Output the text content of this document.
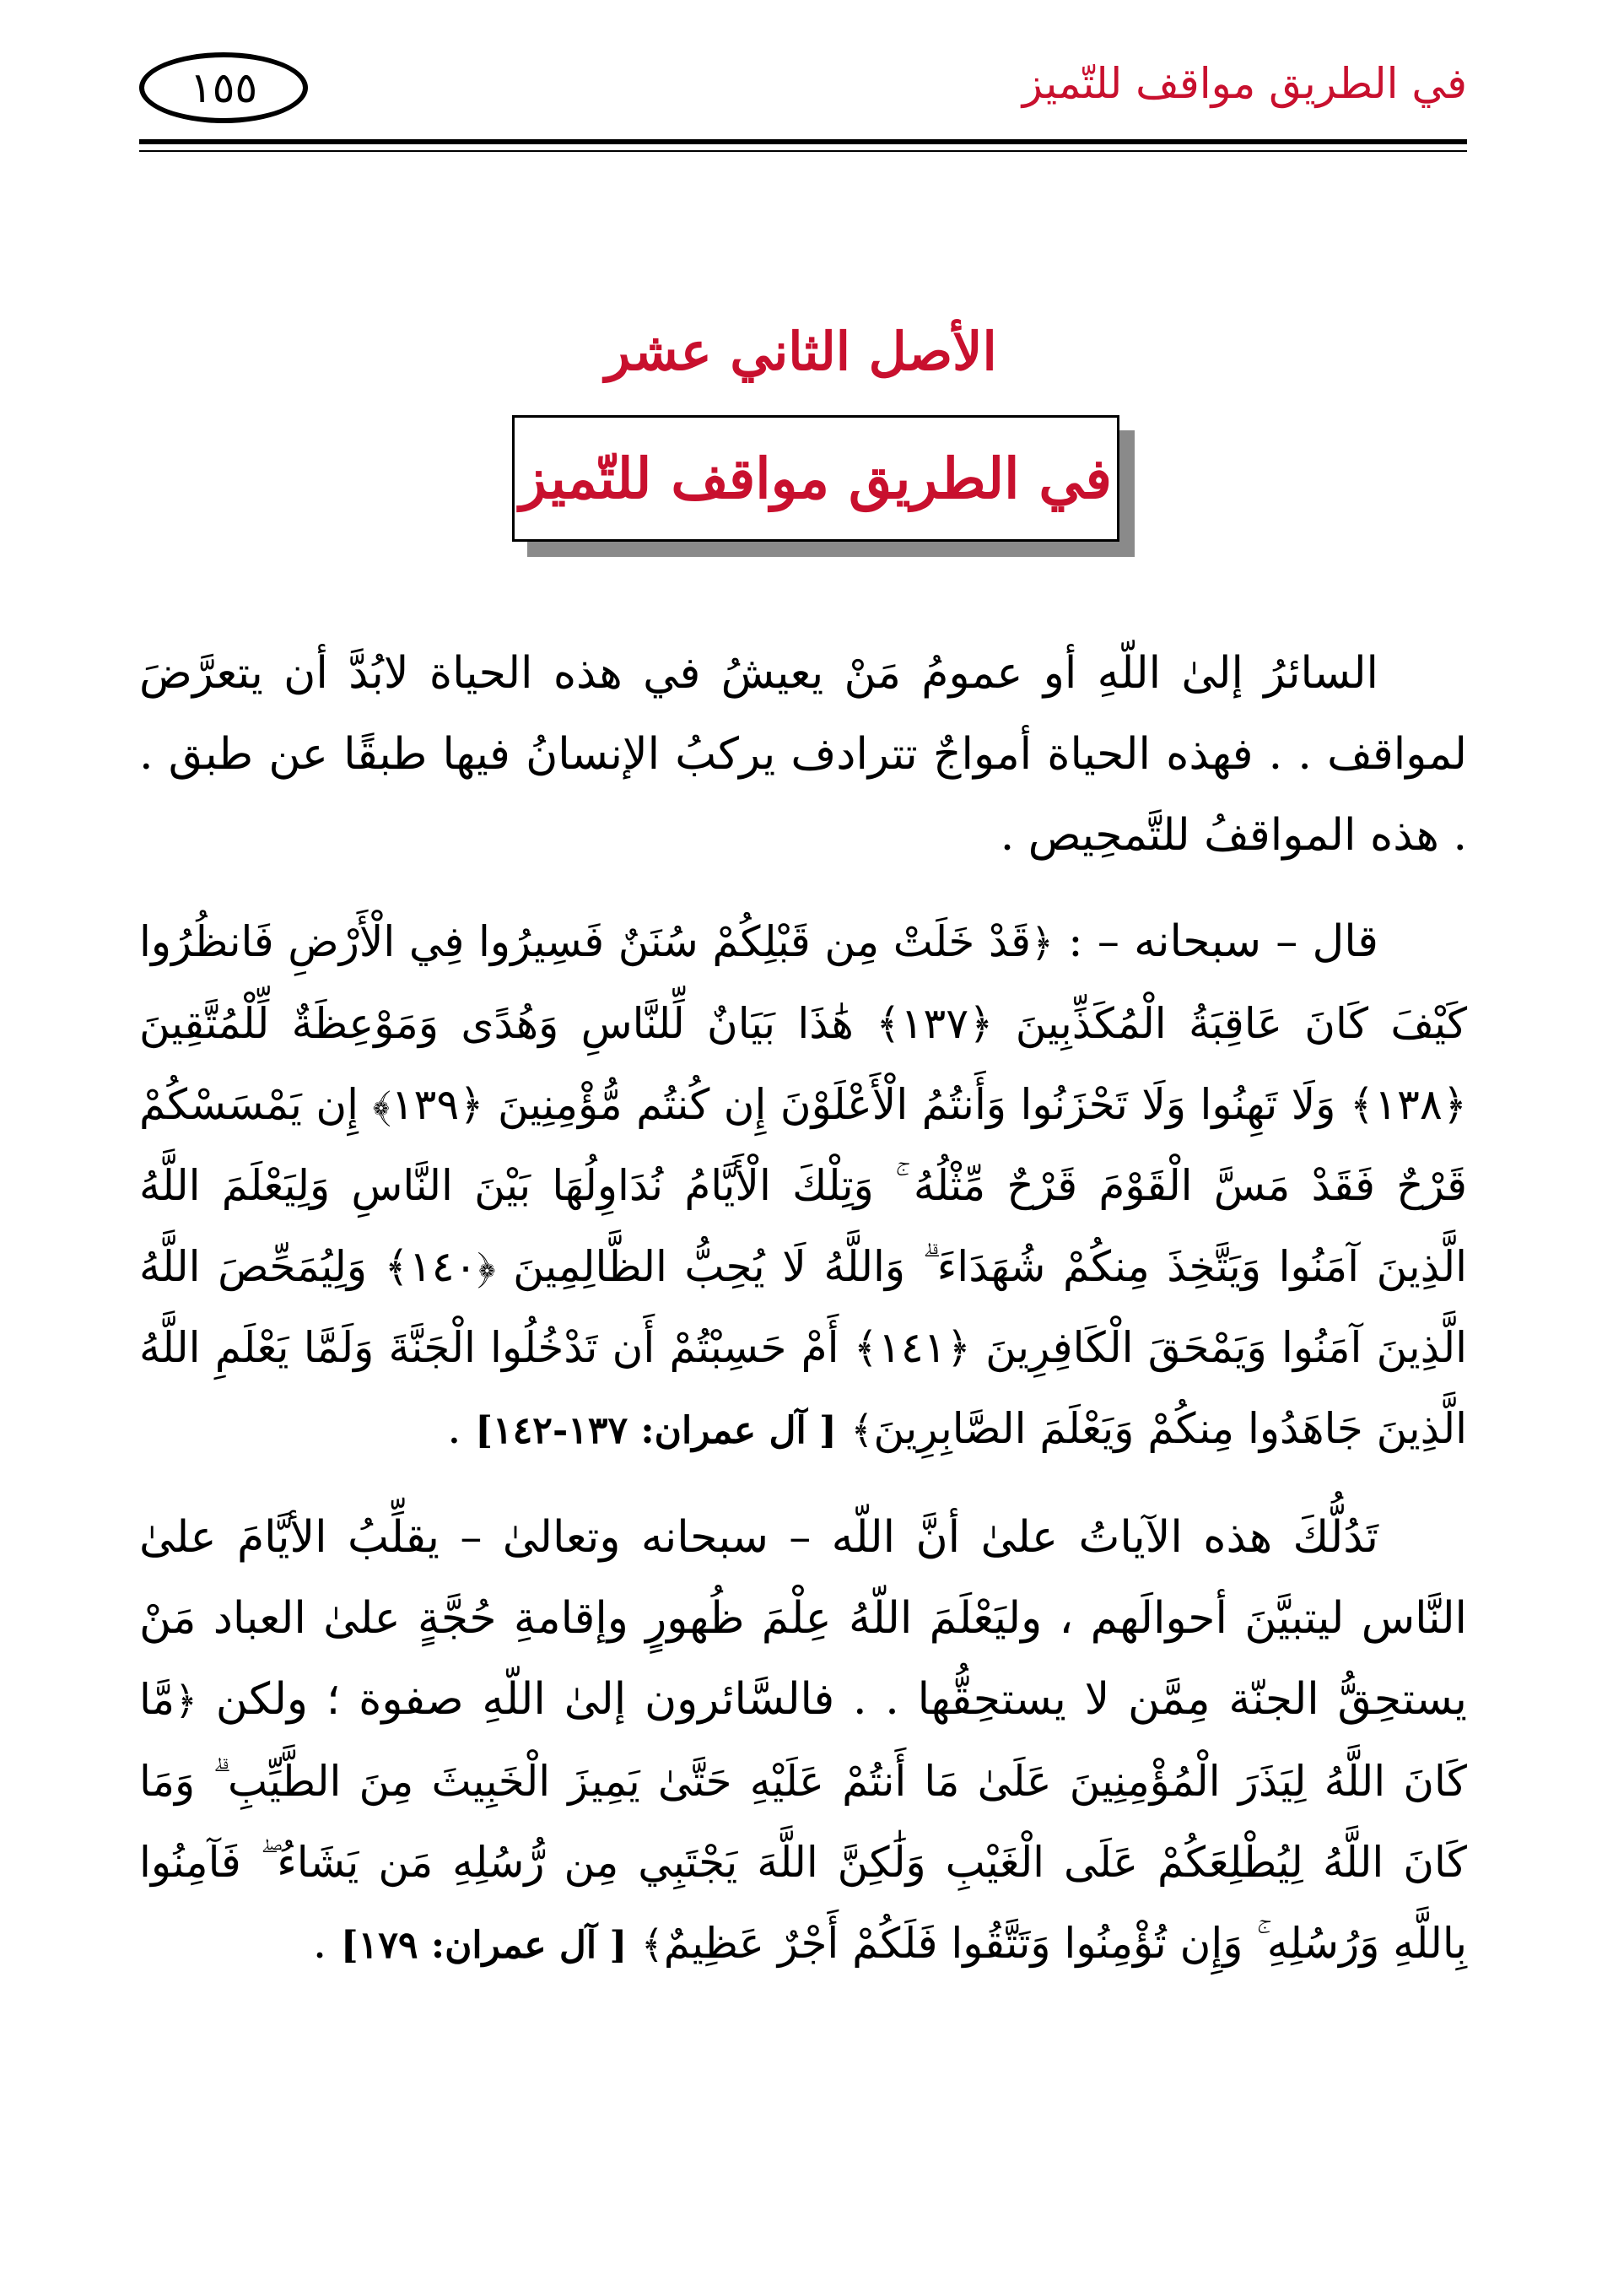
في الطريق مواقف للتّميز
١٥٥
الأصل الثاني عشر
في الطريق مواقف للتّميز

السائرُ إلىٰ اللّهِ أو عمومُ مَنْ يعيشُ في هذه الحياة لابُدَّ أن يتعرَّضَ لمواقف . . فهذه الحياة أمواجٌ تترادف يركبُ الإنسانُ فيها طبقًا عن طبق . . هذه المواقفُ للتَّمحِيص .

قال – سبحانه – : ﴿قَدْ خَلَتْ مِن قَبْلِكُمْ سُنَنٌ فَسِيرُوا فِي الْأَرْضِ فَانظُرُوا كَيْفَ كَانَ عَاقِبَةُ الْمُكَذِّبِينَ ﴿١٣٧﴾ هَٰذَا بَيَانٌ لِّلنَّاسِ وَهُدًى وَمَوْعِظَةٌ لِّلْمُتَّقِينَ ﴿١٣٨﴾ وَلَا تَهِنُوا وَلَا تَحْزَنُوا وَأَنتُمُ الْأَعْلَوْنَ إِن كُنتُم مُّؤْمِنِينَ ﴿١٣٩﴾ إِن يَمْسَسْكُمْ قَرْحٌ فَقَدْ مَسَّ الْقَوْمَ قَرْحٌ مِّثْلُهُ ۚ وَتِلْكَ الْأَيَّامُ نُدَاوِلُهَا بَيْنَ النَّاسِ وَلِيَعْلَمَ اللَّهُ الَّذِينَ آمَنُوا وَيَتَّخِذَ مِنكُمْ شُهَدَاءَ ۗ وَاللَّهُ لَا يُحِبُّ الظَّالِمِينَ ﴿١٤٠﴾ وَلِيُمَحِّصَ اللَّهُ الَّذِينَ آمَنُوا وَيَمْحَقَ الْكَافِرِينَ ﴿١٤١﴾ أَمْ حَسِبْتُمْ أَن تَدْخُلُوا الْجَنَّةَ وَلَمَّا يَعْلَمِ اللَّهُ الَّذِينَ جَاهَدُوا مِنكُمْ وَيَعْلَمَ الصَّابِرِينَ﴾ [ آل عمران: ١٣٧-١٤٢] .

تَدُلُّكَ هذه الآياتُ علىٰ أنَّ اللّه – سبحانه وتعالىٰ – يقلِّبُ الأيَّامَ علىٰ النَّاس ليتبيَّنَ أحوالَهم ، وليَعْلَمَ اللّهُ عِلْمَ ظُهورٍ وإقامةِ حُجَّةٍ علىٰ العباد مَنْ يستحِقُّ الجنّة مِمَّن لا يستحِقُّها . . فالسَّائرون إلىٰ اللّهِ صفوة ؛ ولكن ﴿مَّا كَانَ اللَّهُ لِيَذَرَ الْمُؤْمِنِينَ عَلَىٰ مَا أَنتُمْ عَلَيْهِ حَتَّىٰ يَمِيزَ الْخَبِيثَ مِنَ الطَّيِّبِ ۗ وَمَا كَانَ اللَّهُ لِيُطْلِعَكُمْ عَلَى الْغَيْبِ وَلَٰكِنَّ اللَّهَ يَجْتَبِي مِن رُّسُلِهِ مَن يَشَاءُ ۖ فَآمِنُوا بِاللَّهِ وَرُسُلِهِ ۚ وَإِن تُؤْمِنُوا وَتَتَّقُوا فَلَكُمْ أَجْرٌ عَظِيمٌ﴾ [ آل عمران: ١٧٩] .
